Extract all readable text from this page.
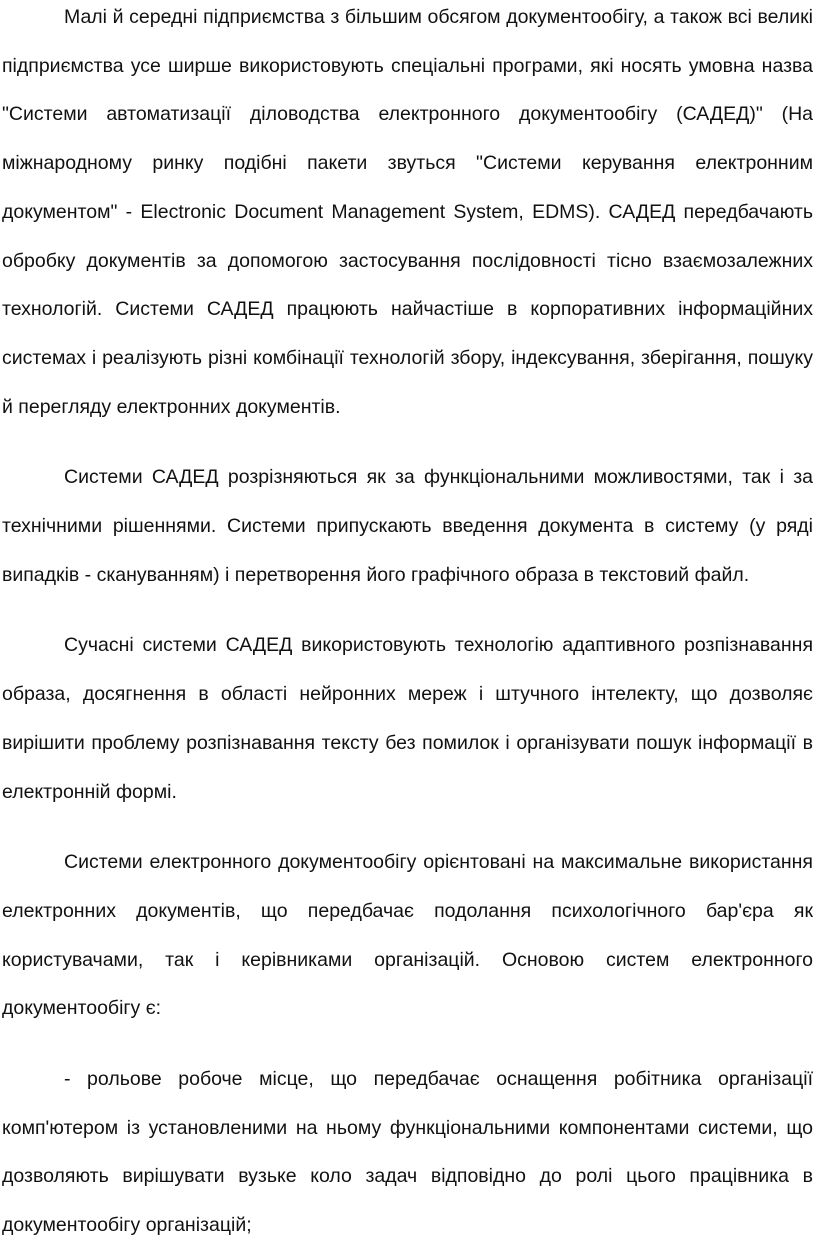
Малі й середні підприємства з більшим обсягом документообігу, а також всі великі підприємства усе ширше використовують спеціальні програми, які носять умовна назва "Системи автоматизації діловодства електронного документообігу (САДЕД)" (На міжнародному ринку подібні пакети звуться "Системи керування електронним документом" - Electronic Document Management System, EDMS). САДЕД передбачають обробку документів за допомогою застосування послідовності тісно взаємозалежних технологій. Системи САДЕД працюють найчастіше в корпоративних інформаційних системах і реалізують різні комбінації технологій збору, індексування, зберігання, пошуку й перегляду електронних документів.

Системи САДЕД розрізняються як за функціональними можливостями, так і за технічними рішеннями. Системи припускають введення документа в систему (у ряді випадків - скануванням) і перетворення його графічного образа в текстовий файл.

Сучасні системи САДЕД використовують технологію адаптивного розпізнавання образа, досягнення в області нейронних мереж і штучного інтелекту, що дозволяє вирішити проблему розпізнавання тексту без помилок і організувати пошук інформації в електронній формі.

Системи електронного документообігу орієнтовані на максимальне використання електронних документів, що передбачає подолання психологічного бар'єра як користувачами, так і керівниками організацій. Основою систем електронного документообігу є:

- рольове робоче місце, що передбачає оснащення робітника організації комп'ютером із установленими на ньому функціональними компонентами системи, що дозволяють вирішувати вузьке коло задач відповідно до ролі цього працівника в документообігу організацій;
